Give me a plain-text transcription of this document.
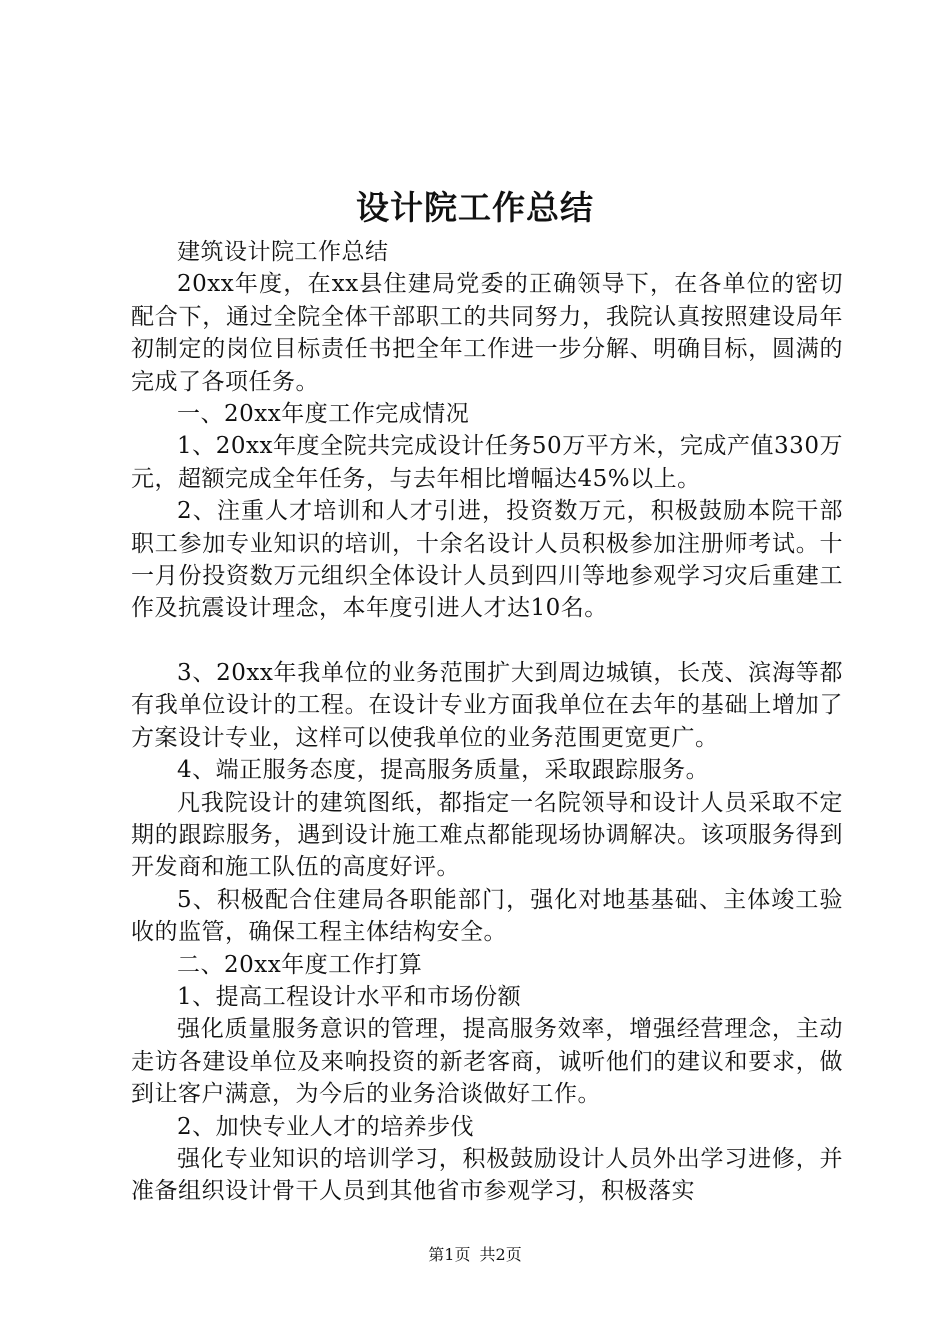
设计院工作总结

建筑设计院工作总结

20xx年度，在xx县住建局党委的正确领导下，在各单位的密切配合下，通过全院全体干部职工的共同努力，我院认真按照建设局年初制定的岗位目标责任书把全年工作进一步分解、明确目标，圆满的完成了各项任务。

一、20xx年度工作完成情况

1、20xx年度全院共完成设计任务50万平方米，完成产值330万元，超额完成全年任务，与去年相比增幅达45%以上。

2、注重人才培训和人才引进，投资数万元，积极鼓励本院干部职工参加专业知识的培训，十余名设计人员积极参加注册师考试。十一月份投资数万元组织全体设计人员到四川等地参观学习灾后重建工作及抗震设计理念，本年度引进人才达10名。

3、20xx年我单位的业务范围扩大到周边城镇，长茂、滨海等都有我单位设计的工程。在设计专业方面我单位在去年的基础上增加了方案设计专业，这样可以使我单位的业务范围更宽更广。

4、端正服务态度，提高服务质量，采取跟踪服务。

凡我院设计的建筑图纸，都指定一名院领导和设计人员采取不定期的跟踪服务，遇到设计施工难点都能现场协调解决。该项服务得到开发商和施工队伍的高度好评。

5、积极配合住建局各职能部门，强化对地基基础、主体竣工验收的监管，确保工程主体结构安全。

二、20xx年度工作打算

1、提高工程设计水平和市场份额

强化质量服务意识的管理，提高服务效率，增强经营理念，主动走访各建设单位及来响投资的新老客商，诚听他们的建议和要求，做到让客户满意，为今后的业务洽谈做好工作。

2、加快专业人才的培养步伐

强化专业知识的培训学习，积极鼓励设计人员外出学习进修，并准备组织设计骨干人员到其他省市参观学习，积极落实

第1页 共2页
